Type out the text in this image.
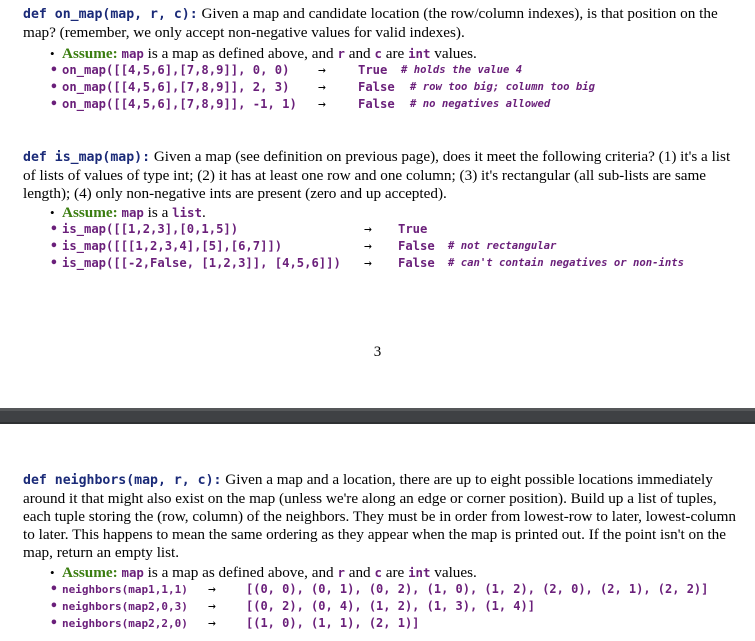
def on_map(map, r, c): Given a map and candidate location (the row/column indexes), is that position on the map? (remember, we only accept non-negative values for valid indexes).

• Assume: map is a map as defined above, and r and c are int values.
• on_map([[4,5,6],[7,8,9]], 0, 0) →	True # holds the value 4
• on_map([[4,5,6],[7,8,9]], 2, 3) →	False # row too big; column too big
• on_map([[4,5,6],[7,8,9]], -1, 1) →	False # no negatives allowed

def is_map(map): Given a map (see definition on previous page), does it meet the following criteria? (1) it's a list of lists of values of type int; (2) it has at least one row and one column; (3) it's rectangular (all sub-lists are same length); (4) only non-negative ints are present (zero and up accepted).

• Assume: map is a list.
• is_map([[1,2,3],[0,1,5])	→ True
• is_map([[[1,2,3,4],[5],[6,7]])	→ False # not rectangular
• is_map([[-2,False, [1,2,3]], [4,5,6]]) → False # can't contain negatives or non-ints
3

def neighbors(map, r, c): Given a map and a location, there are up to eight possible locations immediately around it that might also exist on the map (unless we're along an edge or corner position). Build up a list of tuples, each tuple storing the (row, column) of the neighbors. They must be in order from lowest-row to later, lowest-column to later. This happens to mean the same ordering as they appear when the map is printed out. If the point isn't on the map, return an empty list.

• Assume: map is a map as defined above, and r and c are int values.
• neighbors(map1,1,1) →	[(0, 0), (0, 1), (0, 2), (1, 0), (1, 2), (2, 0), (2, 1), (2, 2)]
• neighbors(map2,0,3) →	[(0, 2), (0, 4), (1, 2), (1, 3), (1, 4)]
• neighbors(map2,2,0) →	[(1, 0), (1, 1), (2, 1)]
